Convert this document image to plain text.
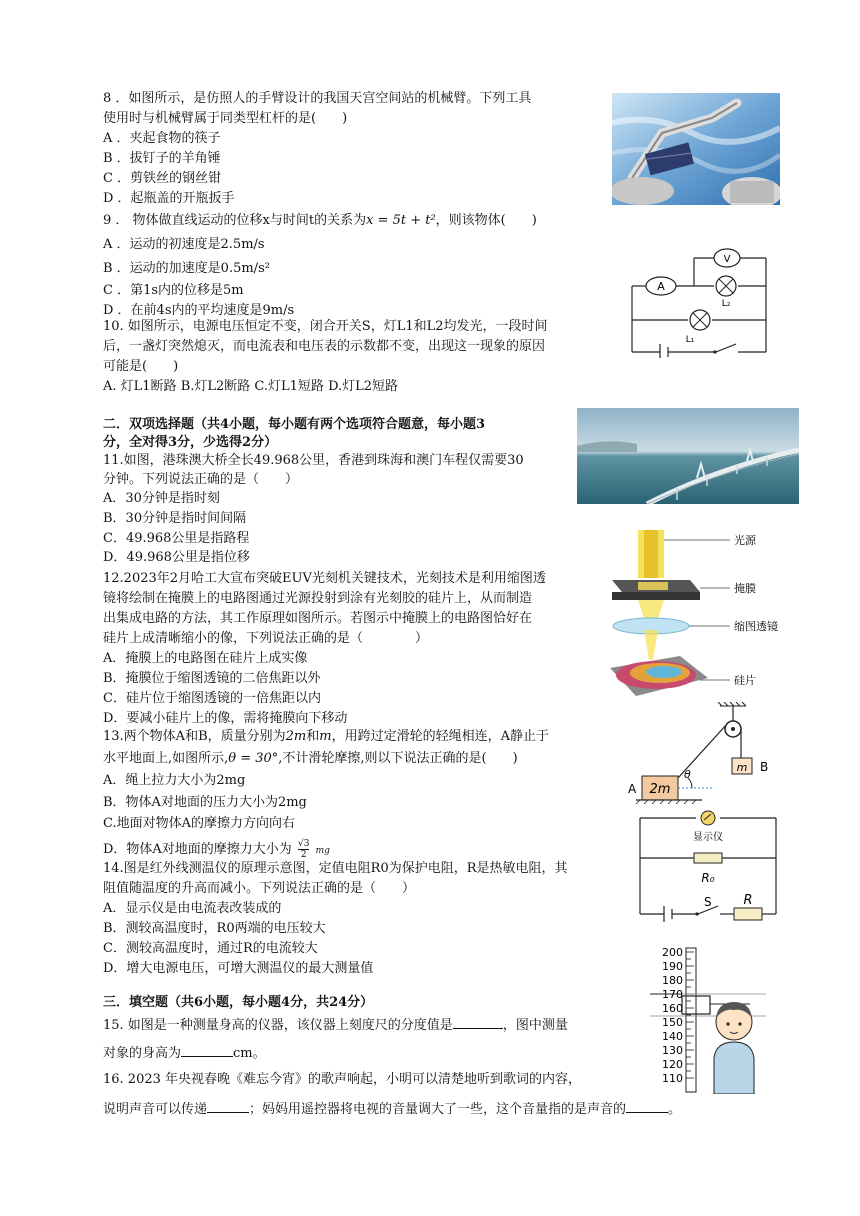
8 ．如图所示，是仿照人的手臂设计的我国天宫空间站的机械臂。下列工具
使用时与机械臂属于同类型杠杆的是(　　)
A ．夹起食物的筷子
B ．拔钉子的羊角锤
C ．剪铁丝的钢丝钳
D ．起瓶盖的开瓶扳手
9 ． 物体做直线运动的位移x与时间t的关系为x = 5t + t²，则该物体(　　)
A ．运动的初速度是2.5m/s
B ．运动的加速度是0.5m/s²
C ．第1s内的位移是5m
D ．在前4s内的平均速度是9m/s
10. 如图所示，电源电压恒定不变，闭合开关S，灯L1和L2均发光，一段时间
后，一盏灯突然熄灭，而电流表和电压表的示数都不变，出现这一现象的原因
可能是(　　)
A. 灯L1断路 B.灯L2断路 C.灯L1短路 D.灯L2短路
A
V
L₂
L₁
二．双项选择题（共4小题，每小题有两个选项符合题意，每小题3
分，全对得3分，少选得2分）
11.如图，港珠澳大桥全长49.968公里，香港到珠海和澳门车程仅需要30
分钟。下列说法正确的是（　　）
A．30分钟是指时刻
B．30分钟是指时间间隔
C．49.968公里是指路程
D．49.968公里是指位移
12.2023年2月哈工大宣布突破EUV光刻机关键技术，光刻技术是利用缩图透
镜将绘制在掩膜上的电路图通过光源投射到涂有光刻胶的硅片上，从而制造
出集成电路的方法，其工作原理如图所示。若图示中掩膜上的电路图恰好在
硅片上成清晰缩小的像，下列说法正确的是（　　　　）
A．掩膜上的电路图在硅片上成实像
B．掩膜位于缩图透镜的二倍焦距以外
C．硅片位于缩图透镜的一倍焦距以内
D．要减小硅片上的像，需将掩膜向下移动
光源
掩膜
缩图透镜
硅片
13.两个物体A和B，质量分别为2m和m，用跨过定滑轮的轻绳相连，A静止于
水平地面上,如图所示,θ = 30°,不计滑轮摩擦,则以下说法正确的是(　　)
A．绳上拉力大小为2mg
B．物体A对地面的压力大小为2mg
C.地面对物体A的摩擦力方向向右
D．物体A对地面的摩擦力大小为 $\frac{√3}{2}$ mg
m B
2m
A
θ
14.图是红外线测温仪的原理示意图，定值电阻R0为保护电阻，R是热敏电阻，其
阻值随温度的升高而减小。下列说法正确的是（　　）
A．显示仪是由电流表改装成的
B．测较高温度时，R0两端的电压较大
C．测较高温度时，通过R的电流较大
D．增大电源电压，可增大测温仪的最大测量值
显示仪
R₀
S R
三．填空题（共6小题，每小题4分，共24分）
15. 如图是一种测量身高的仪器，该仪器上刻度尺的分度值是	，图中测量
对象的身高为	cm。
200
190
180
170
160
150
140
130
120
110
16. 2023 年央视春晚《难忘今宵》的歌声响起，小明可以清楚地听到歌词的内容，
说明声音可以传递	；妈妈用遥控器将电视的音量调大了一些，这个音量指的是声音的	。
